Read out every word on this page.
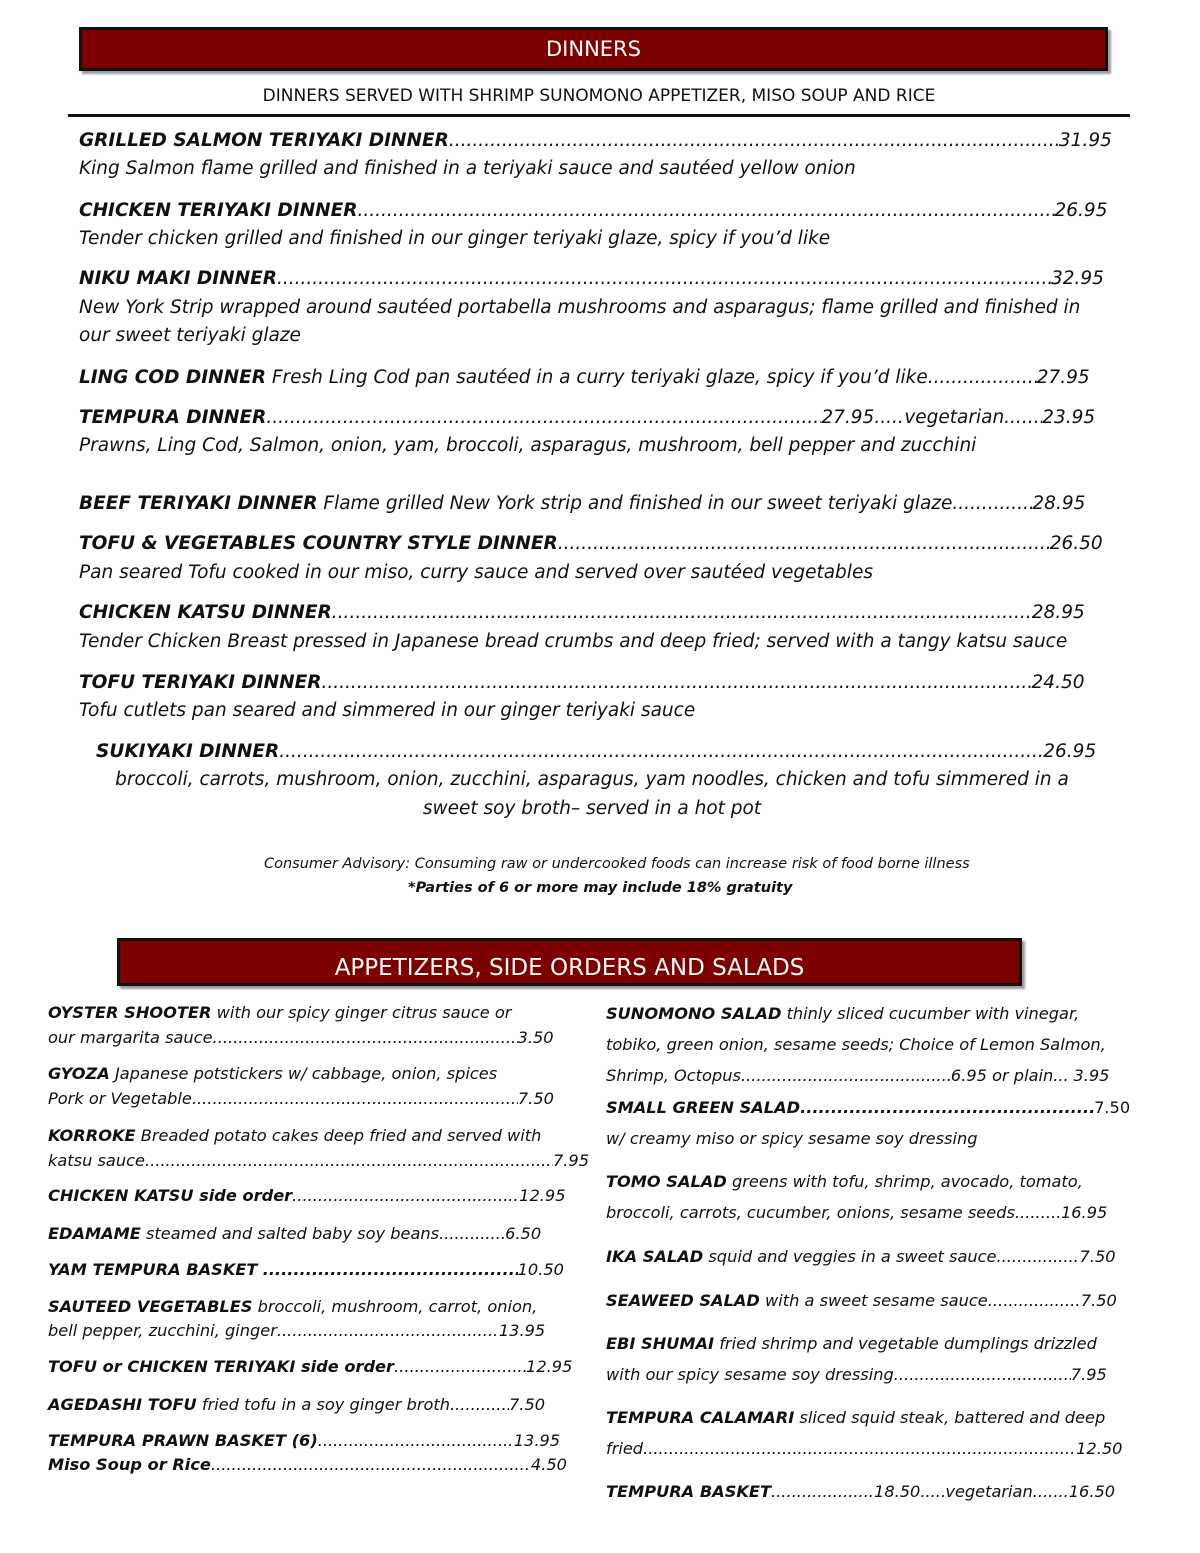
DINNERS
DINNERS SERVED WITH SHRIMP SUNOMONO APPETIZER, MISO SOUP AND RICE
GRILLED SALMON TERIYAKI DINNER .....	31.95
King Salmon flame grilled and finished in a teriyaki sauce and sautéed yellow onion
CHICKEN TERIYAKI DINNER .....	26.95
Tender chicken grilled and finished in our ginger teriyaki glaze, spicy if you’d like
NIKU MAKI DINNER .....	32.95
New York Strip wrapped around sautéed portabella mushrooms and asparagus; flame grilled and finished in
our sweet teriyaki glaze
LING COD DINNER Fresh Ling Cod pan sautéed in a curry teriyaki glaze, spicy if you’d like .....	27.95
TEMPURA DINNER .....	27.95 ..... vegetarian ..... 23.95
Prawns, Ling Cod, Salmon, onion, yam, broccoli, asparagus, mushroom, bell pepper and zucchini
BEEF TERIYAKI DINNER Flame grilled New York strip and finished in our sweet teriyaki glaze .....	28.95
TOFU & VEGETABLES COUNTRY STYLE DINNER .....	26.50
Pan seared Tofu cooked in our miso, curry sauce and served over sautéed vegetables
CHICKEN KATSU DINNER .....	28.95
Tender Chicken Breast pressed in Japanese bread crumbs and deep fried; served with a tangy katsu sauce
TOFU TERIYAKI DINNER .....	24.50
Tofu cutlets pan seared and simmered in our ginger teriyaki sauce
SUKIYAKI DINNER .....	26.95
broccoli, carrots, mushroom, onion, zucchini, asparagus, yam noodles, chicken and tofu simmered in a
sweet soy broth– served in a hot pot
Consumer Advisory: Consuming raw or undercooked foods can increase risk of food borne illness
*Parties of 6 or more may include 18% gratuity
APPETIZERS, SIDE ORDERS AND SALADS
OYSTER SHOOTER with our spicy ginger citrus sauce or
our margarita sauce .....	3.50
GYOZA Japanese potstickers w/ cabbage, onion, spices
Pork or Vegetable .....	7.50
KORROKE Breaded potato cakes deep fried and served with
katsu sauce .....	7.95
CHICKEN KATSU side order .....	12.95
EDAMAME steamed and salted baby soy beans .....	6.50
YAM TEMPURA BASKET .....	10.50
SAUTEED VEGETABLES broccoli, mushroom, carrot, onion,
bell pepper, zucchini, ginger .....	13.95
TOFU or CHICKEN TERIYAKI side order .....	12.95
AGEDASHI TOFU fried tofu in a soy ginger broth .....	7.50
TEMPURA PRAWN BASKET (6) .....	13.95
Miso Soup or Rice .....	4.50
SUNOMONO SALAD thinly sliced cucumber with vinegar,
tobiko, green onion, sesame seeds; Choice of Lemon Salmon,
Shrimp, Octopus .....	6.95 or plain..... 3.95
SMALL GREEN SALAD .....	7.50
w/ creamy miso or spicy sesame soy dressing
TOMO SALAD greens with tofu, shrimp, avocado, tomato,
broccoli, carrots, cucumber, onions, sesame seeds .....	16.95
IKA SALAD squid and veggies in a sweet sauce .....	7.50
SEAWEED SALAD with a sweet sesame sauce .....	7.50
EBI SHUMAI fried shrimp and vegetable dumplings drizzled
with our spicy sesame soy dressing .....	7.95
TEMPURA CALAMARI sliced squid steak, battered and deep
fried .....	12.50
TEMPURA BASKET .....	18.50 ..... vegetarian ..... 16.50
